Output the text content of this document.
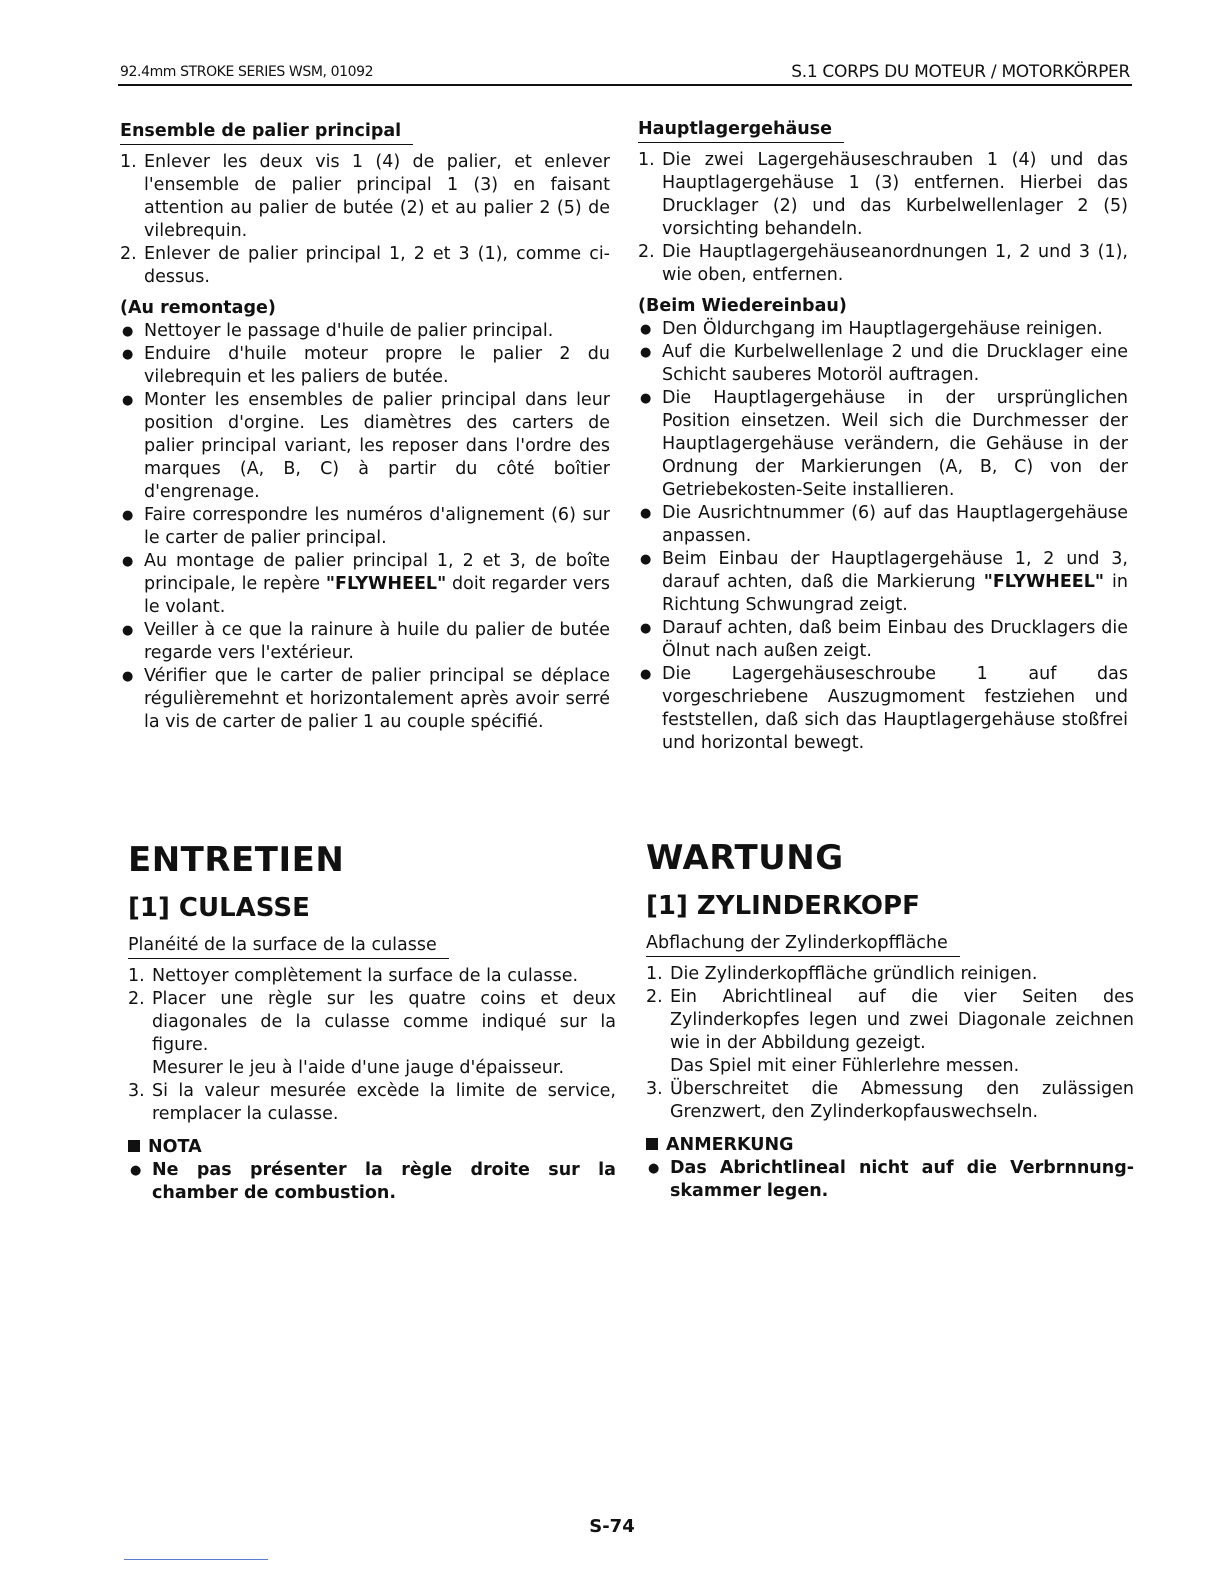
92.4mm STROKE SERIES WSM, 01092	S.1 CORPS DU MOTEUR / MOTORKÖRPER
Ensemble de palier principal
1. Enlever les deux vis 1 (4) de palier, et enlever l'ensemble de palier principal 1 (3) en faisant attention au palier de butée (2) et au palier 2 (5) de vilebrequin.
2. Enlever de palier principal 1, 2 et 3 (1), comme ci-dessus.
(Au remontage)
● Nettoyer le passage d'huile de palier principal.
● Enduire d'huile moteur propre le palier 2 du vilebrequin et les paliers de butée.
● Monter les ensembles de palier principal dans leur position d'orgine. Les diamètres des carters de palier principal variant, les reposer dans l'ordre des marques (A, B, C) à partir du côté boîtier d'engrenage.
● Faire correspondre les numéros d'alignement (6) sur le carter de palier principal.
● Au montage de palier principal 1, 2 et 3, de boîte principale, le repère "FLYWHEEL" doit regarder vers le volant.
● Veiller à ce que la rainure à huile du palier de butée regarde vers l'extérieur.
● Vérifier que le carter de palier principal se déplace régulièremehnt et horizontalement après avoir serré la vis de carter de palier 1 au couple spécifié.
Hauptlagergehäuse
1. Die zwei Lagergehäuseschrauben 1 (4) und das Hauptlagergehäuse 1 (3) entfernen. Hierbei das Drucklager (2) und das Kurbelwellenlager 2 (5) vorsichting behandeln.
2. Die Hauptlagergehäuseanordnungen 1, 2 und 3 (1), wie oben, entfernen.
(Beim Wiedereinbau)
● Den Öldurchgang im Hauptlagergehäuse reinigen.
● Auf die Kurbelwellenlage 2 und die Drucklager eine Schicht sauberes Motoröl auftragen.
● Die Hauptlagergehäuse in der ursprünglichen Position einsetzen. Weil sich die Durchmesser der Hauptlagergehäuse verändern, die Gehäuse in der Ordnung der Markierungen (A, B, C) von der Getriebekosten-Seite installieren.
● Die Ausrichtnummer (6) auf das Hauptlagergehäuse anpassen.
● Beim Einbau der Hauptlagergehäuse 1, 2 und 3, darauf achten, daß die Markierung "FLYWHEEL" in Richtung Schwungrad zeigt.
● Darauf achten, daß beim Einbau des Drucklagers die Ölnut nach außen zeigt.
● Die Lagergehäuseschroube 1 auf das vorgeschriebene Auszugmoment festziehen und feststellen, daß sich das Hauptlagergehäuse stoßfrei und horizontal bewegt.
ENTRETIEN
[1] CULASSE
Planéité de la surface de la culasse
1. Nettoyer complètement la surface de la culasse.
2. Placer une règle sur les quatre coins et deux diagonales de la culasse comme indiqué sur la figure.
Mesurer le jeu à l'aide d'une jauge d'épaisseur.
3. Si la valeur mesurée excède la limite de service, remplacer la culasse.
NOTA
● Ne pas présenter la règle droite sur la chamber de combustion.
WARTUNG
[1] ZYLINDERKOPF
Abflachung der Zylinderkopffläche
1. Die Zylinderkopffläche gründlich reinigen.
2. Ein Abrichtlineal auf die vier Seiten des Zylinderkopfes legen und zwei Diagonale zeichnen wie in der Abbildung gezeigt.
Das Spiel mit einer Fühlerlehre messen.
3. Überschreitet die Abmessung den zulässigen Grenzwert, den Zylinderkopfauswechseln.
ANMERKUNG
● Das Abrichtlineal nicht auf die Verbrnnung-skammer legen.
S-74
